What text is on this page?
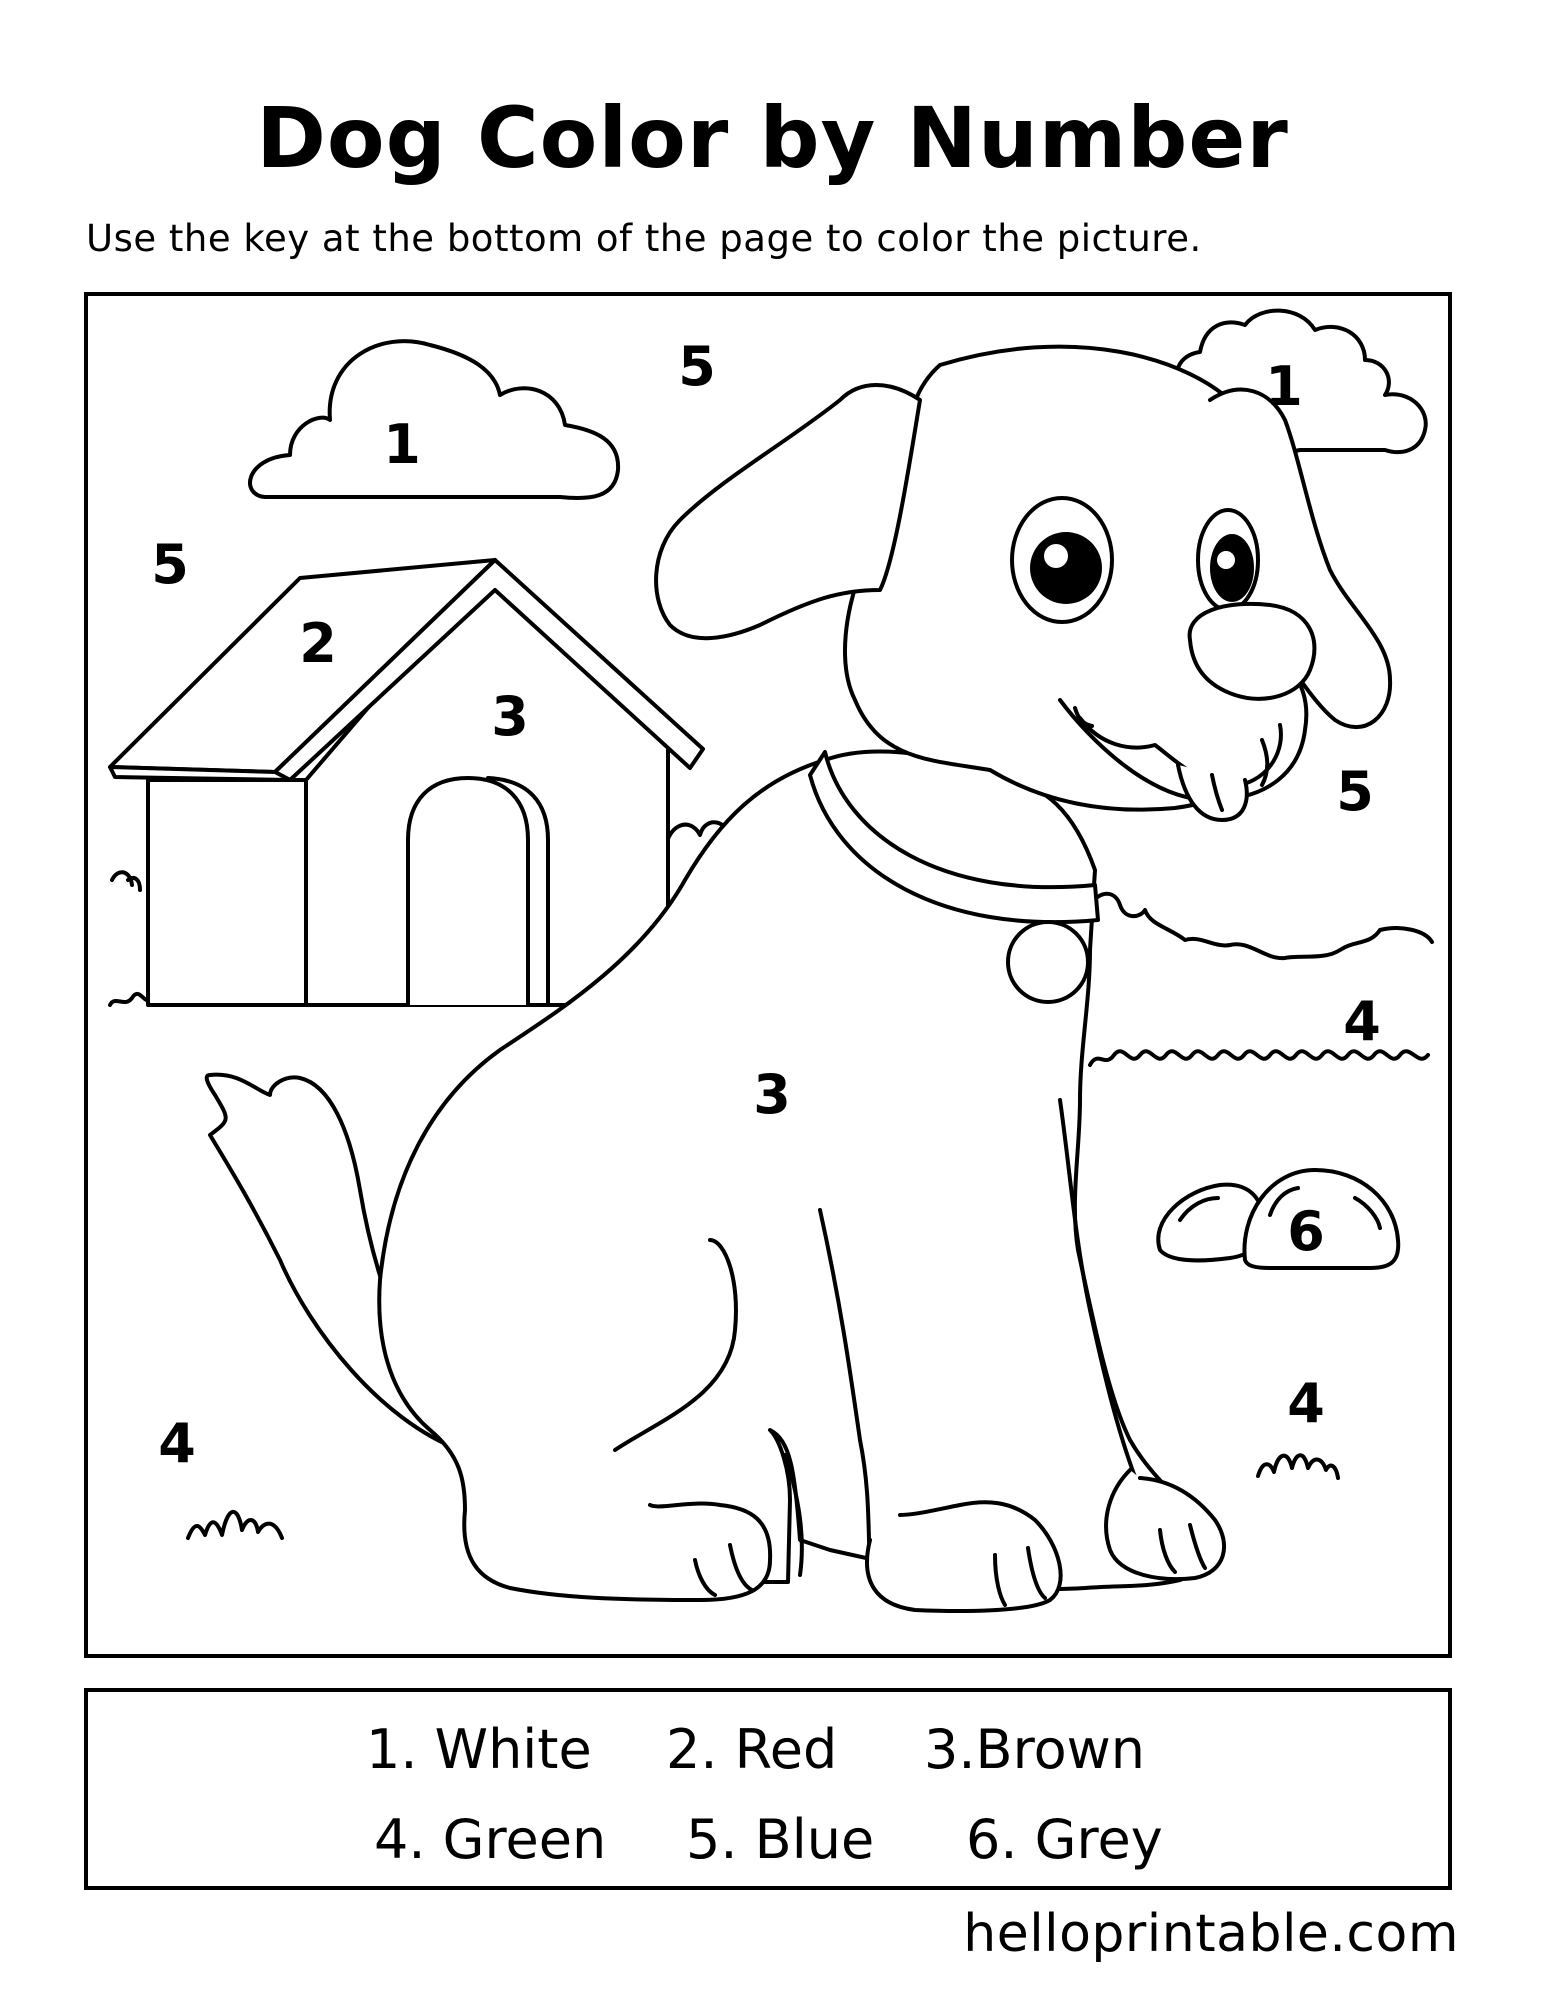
Dog Color by Number
Use the key at the bottom of the page to color the picture.
5
1
1
5
2
3
5
4
3
6
4
4
1. White 2. Red 3.Brown
4. Green 5. Blue 6. Grey
helloprintable.com
